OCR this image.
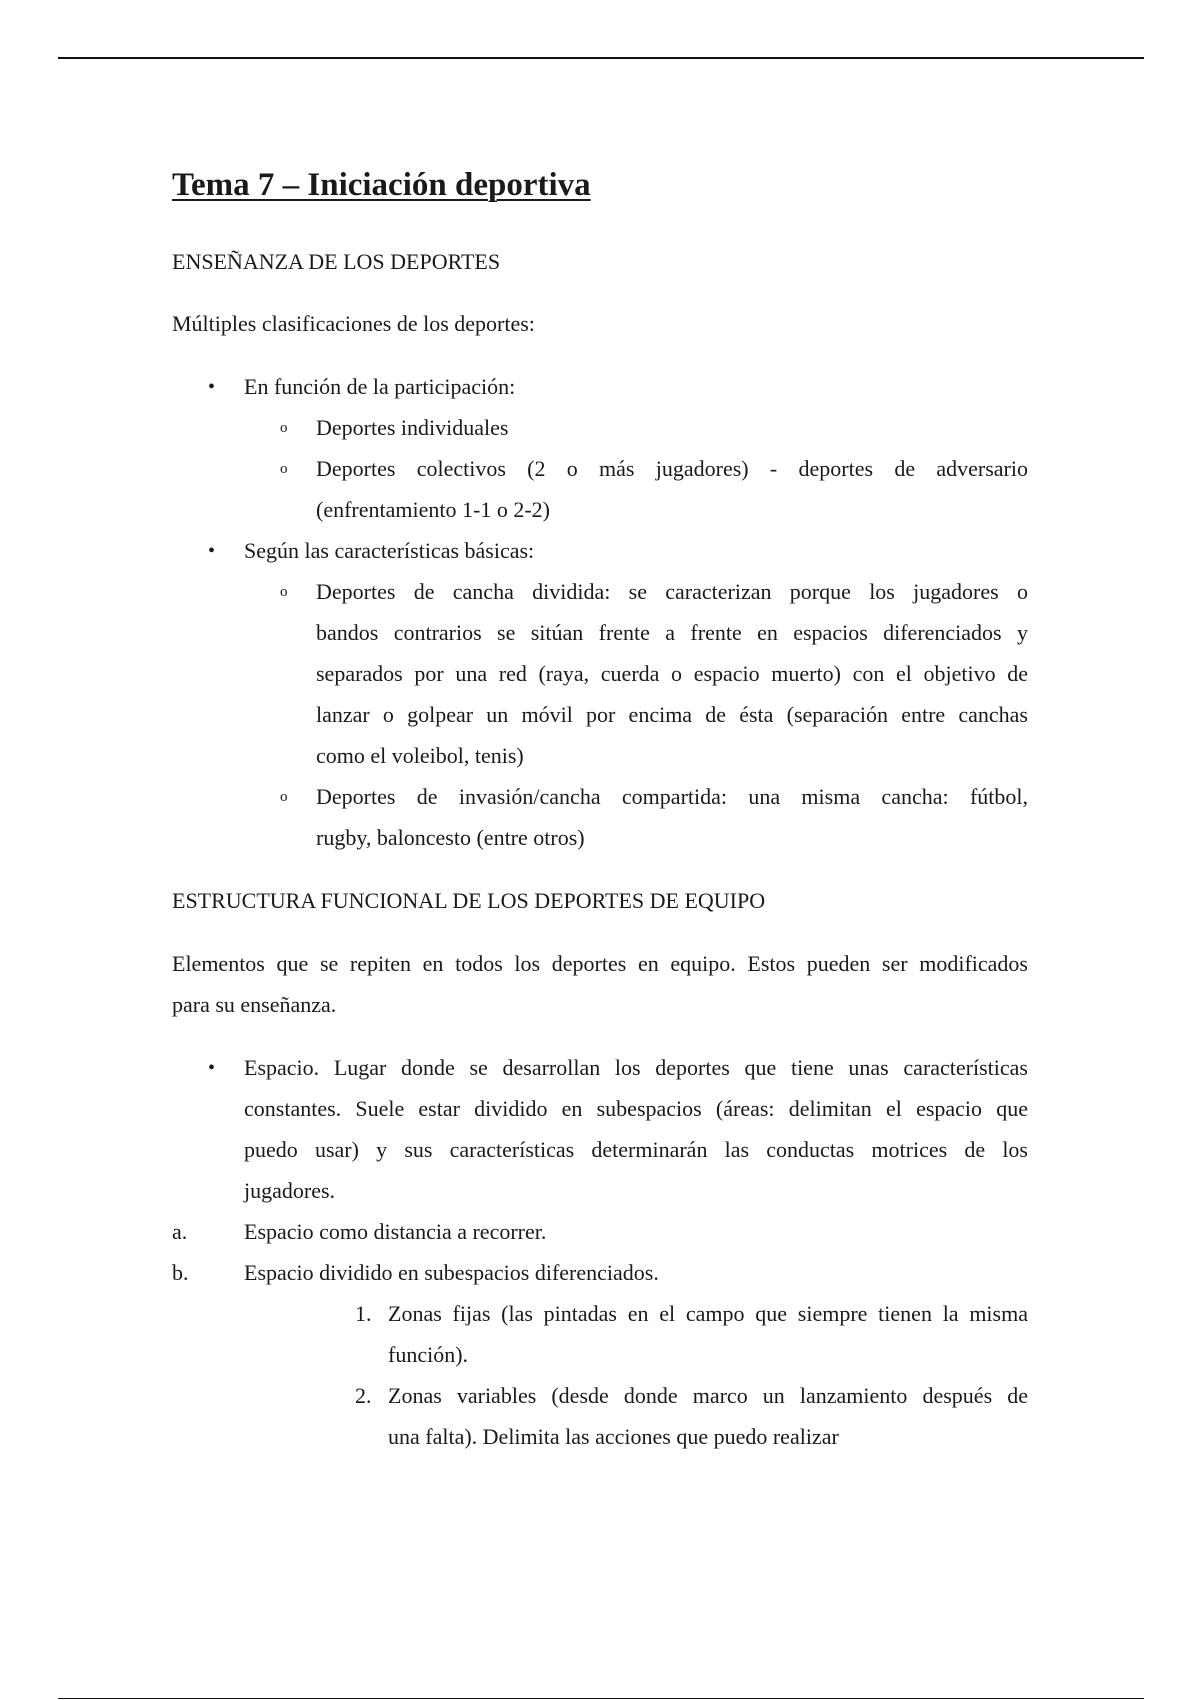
Tema 7 – Iniciación deportiva
ENSEÑANZA DE LOS DEPORTES
Múltiples clasificaciones de los deportes:
• En función de la participación:
o Deportes individuales
o Deportes colectivos (2 o más jugadores) - deportes de adversario
(enfrentamiento 1-1 o 2-2)
• Según las características básicas:
o Deportes de cancha dividida: se caracterizan porque los jugadores o
bandos contrarios se sitúan frente a frente en espacios diferenciados y
separados por una red (raya, cuerda o espacio muerto) con el objetivo de
lanzar o golpear un móvil por encima de ésta (separación entre canchas
como el voleibol, tenis)
o Deportes de invasión/cancha compartida: una misma cancha: fútbol,
rugby, baloncesto (entre otros)
ESTRUCTURA FUNCIONAL DE LOS DEPORTES DE EQUIPO
Elementos que se repiten en todos los deportes en equipo. Estos pueden ser modificados
para su enseñanza.
• Espacio. Lugar donde se desarrollan los deportes que tiene unas características
constantes. Suele estar dividido en subespacios (áreas: delimitan el espacio que
puedo usar) y sus características determinarán las conductas motrices de los
jugadores.
a.	Espacio como distancia a recorrer.
b.	Espacio dividido en subespacios diferenciados.
1. Zonas fijas (las pintadas en el campo que siempre tienen la misma
función).
2. Zonas variables (desde donde marco un lanzamiento después de
una falta). Delimita las acciones que puedo realizar
